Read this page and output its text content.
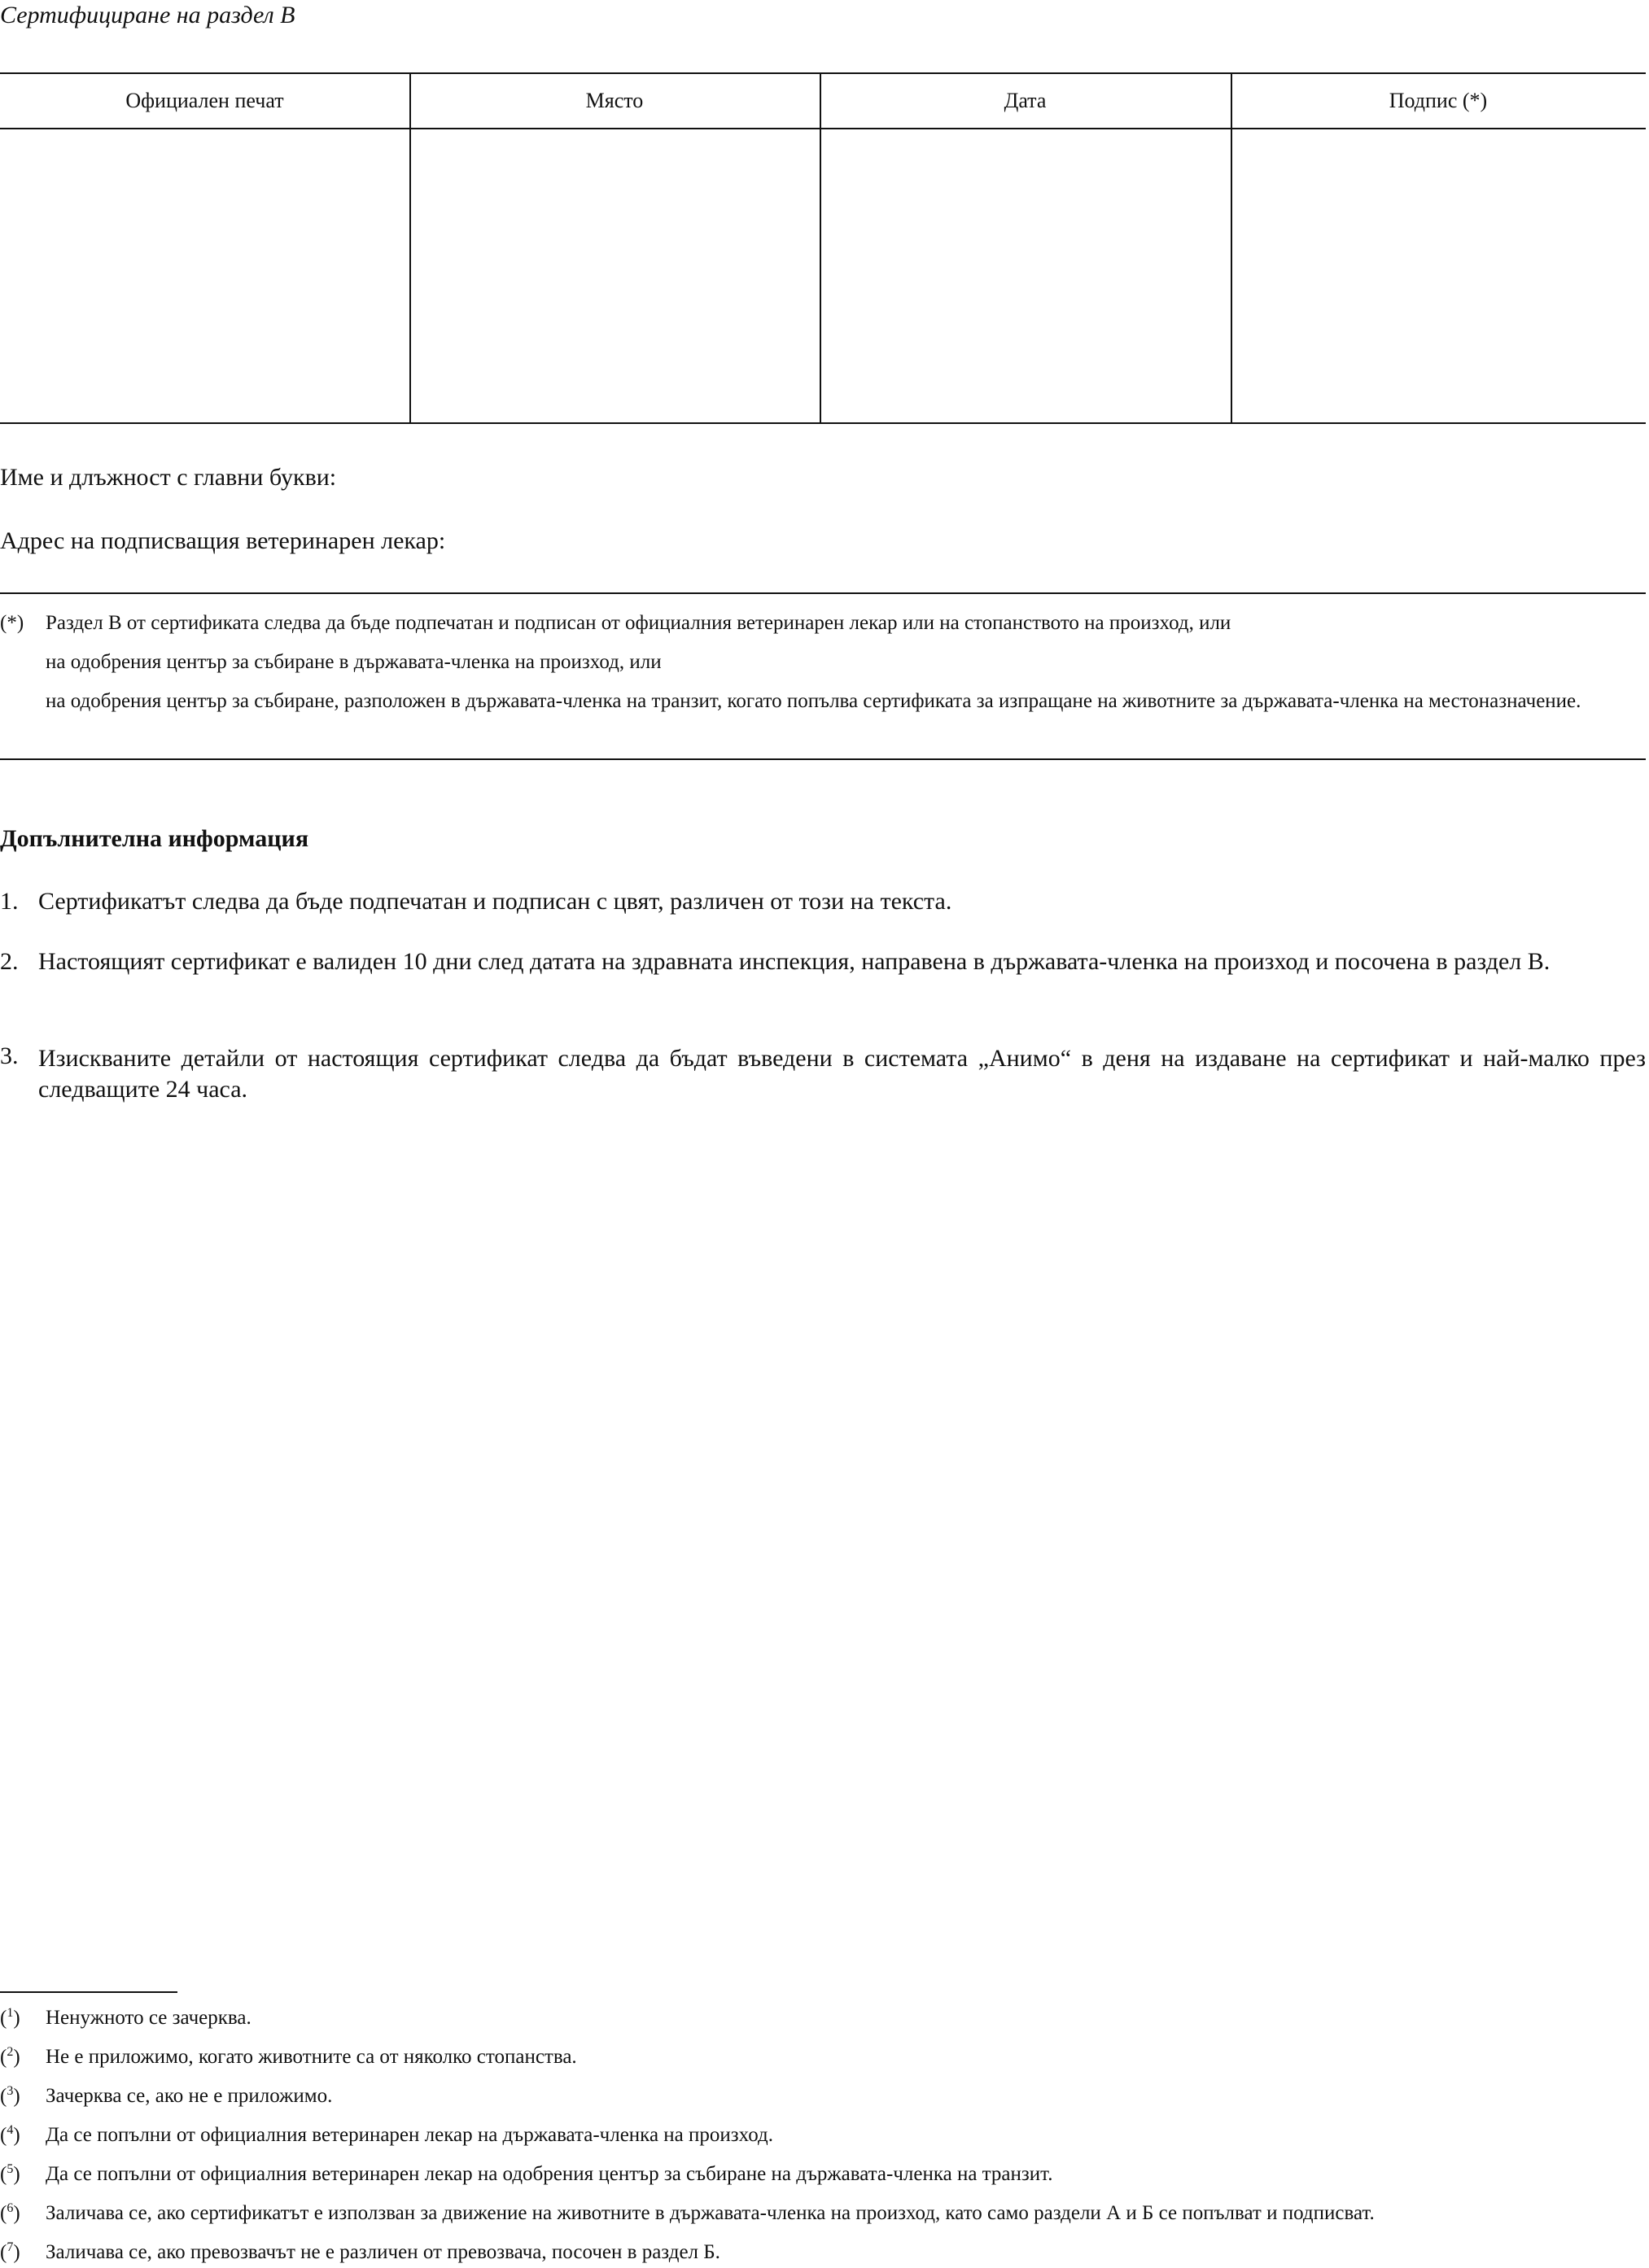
Сертифициране на раздел В
Официален печат	Място	Дата	Подпис (*)
Име и длъжност с главни букви:
Адрес на подписващия ветеринарен лекар:
(*) Раздел В от сертификата следва да бъде подпечатан и подписан от официалния ветеринарен лекар или на стопанството на произход, или
на одобрения център за събиране в държавата-членка на произход, или
на одобрения център за събиране, разположен в държавата-членка на транзит, когато попълва сертификата за изпращане на животните за държавата-членка на местоназначение.
Допълнителна информация
1. Сертификатът следва да бъде подпечатан и подписан с цвят, различен от този на текста.
2. Настоящият сертификат е валиден 10 дни след датата на здравната инспекция, направена в държавата-членка на произход и посочена в раздел В.
3. Изискваните детайли от настоящия сертификат следва да бъдат въведени в системата „Анимо“ в деня на издаване на сертификат и най-малко през
следващите 24 часа.
($^1$) Ненужното се зачерква.
($^2$) Не е приложимо, когато животните са от няколко стопанства.
($^3$) Зачерква се, ако не е приложимо.
($^4$) Да се попълни от официалния ветеринарен лекар на държавата-членка на произход.
($^5$) Да се попълни от официалния ветеринарен лекар на одобрения център за събиране на държавата-членка на транзит.
($^6$) Заличава се, ако сертификатът е използван за движение на животните в държавата-членка на произход, като само раздели А и Б се попълват и подписват.
($^7$) Заличава се, ако превозвачът не е различен от превозвача, посочен в раздел Б.
